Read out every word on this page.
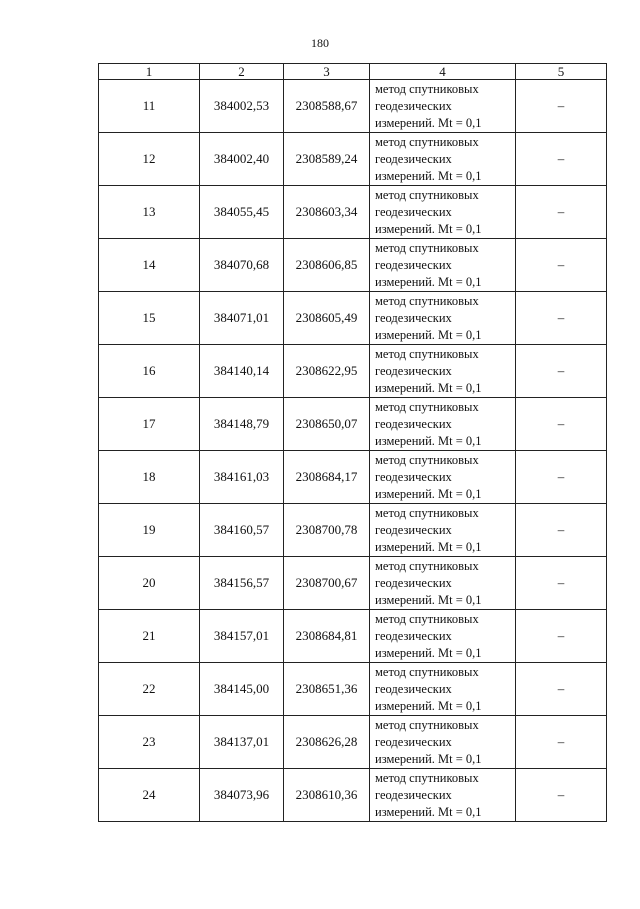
180
1	2	3	4	5
11	384002,53	2308588,67	метод спутниковых
геодезических
измерений. Mt = 0,1	–
12	384002,40	2308589,24	метод спутниковых
геодезических
измерений. Mt = 0,1	–
13	384055,45	2308603,34	метод спутниковых
геодезических
измерений. Mt = 0,1	–
14	384070,68	2308606,85	метод спутниковых
геодезических
измерений. Mt = 0,1	–
15	384071,01	2308605,49	метод спутниковых
геодезических
измерений. Mt = 0,1	–
16	384140,14	2308622,95	метод спутниковых
геодезических
измерений. Mt = 0,1	–
17	384148,79	2308650,07	метод спутниковых
геодезических
измерений. Mt = 0,1	–
18	384161,03	2308684,17	метод спутниковых
геодезических
измерений. Mt = 0,1	–
19	384160,57	2308700,78	метод спутниковых
геодезических
измерений. Mt = 0,1	–
20	384156,57	2308700,67	метод спутниковых
геодезических
измерений. Mt = 0,1	–
21	384157,01	2308684,81	метод спутниковых
геодезических
измерений. Mt = 0,1	–
22	384145,00	2308651,36	метод спутниковых
геодезических
измерений. Mt = 0,1	–
23	384137,01	2308626,28	метод спутниковых
геодезических
измерений. Mt = 0,1	–
24	384073,96	2308610,36	метод спутниковых
геодезических
измерений. Mt = 0,1	–
